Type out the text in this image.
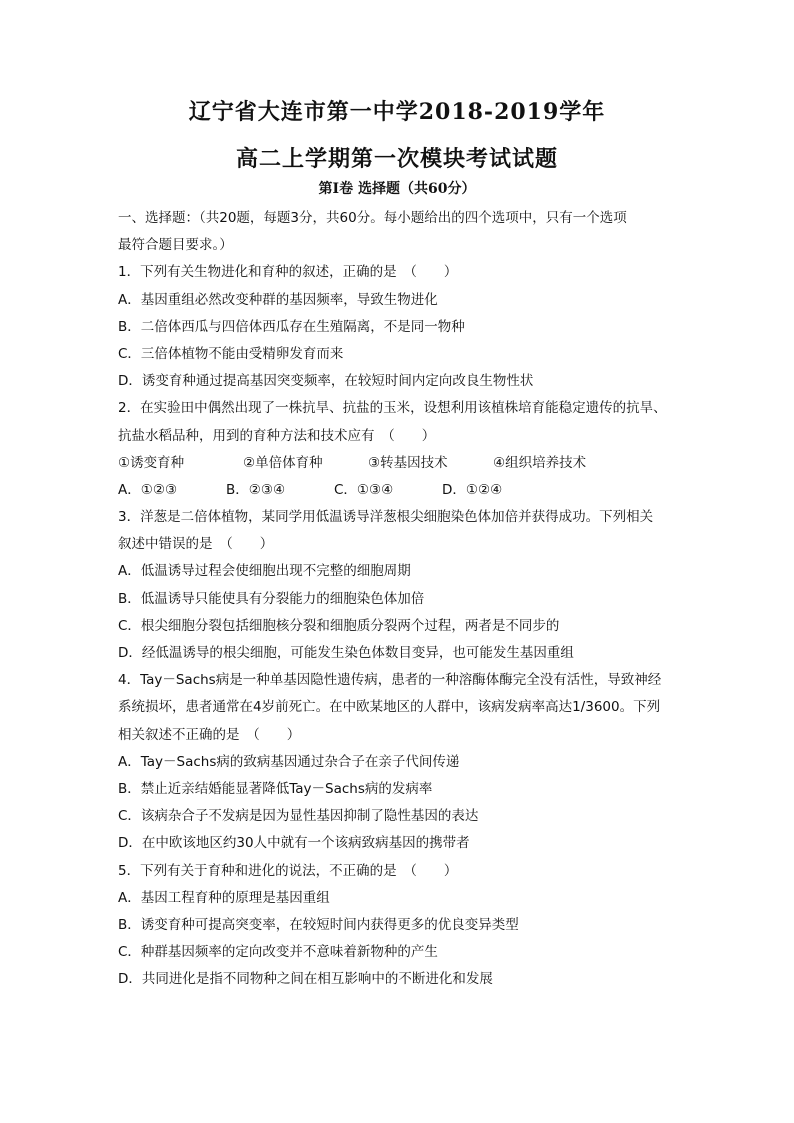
辽宁省大连市第一中学2018-2019学年
高二上学期第一次模块考试试题
第Ⅰ卷 选择题（共60分）
一、选择题：（共20题，每题3分，共60分。每小题给出的四个选项中，只有一个选项
最符合题目要求。）
1．下列有关生物进化和育种的叙述，正确的是　（　　）
A．基因重组必然改变种群的基因频率，导致生物进化
B．二倍体西瓜与四倍体西瓜存在生殖隔离，不是同一物种
C．三倍体植物不能由受精卵发育而来
D．诱变育种通过提高基因突变频率，在较短时间内定向改良生物性状
2．在实验田中偶然出现了一株抗旱、抗盐的玉米，设想利用该植株培育能稳定遗传的抗旱、
抗盐水稻品种，用到的育种方法和技术应有　（　　）
①诱变育种	②单倍体育种	③转基因技术	④组织培养技术
A．①②③	B．②③④	C．①③④	D．①②④
3．洋葱是二倍体植物，某同学用低温诱导洋葱根尖细胞染色体加倍并获得成功。下列相关
叙述中错误的是　（　　）
A．低温诱导过程会使细胞出现不完整的细胞周期
B．低温诱导只能使具有分裂能力的细胞染色体加倍
C．根尖细胞分裂包括细胞核分裂和细胞质分裂两个过程，两者是不同步的
D．经低温诱导的根尖细胞，可能发生染色体数目变异，也可能发生基因重组
4．Tay－Sachs病是一种单基因隐性遗传病，患者的一种溶酶体酶完全没有活性，导致神经
系统损坏，患者通常在4岁前死亡。在中欧某地区的人群中，该病发病率高达1/3600。下列
相关叙述不正确的是　（　　）
A．Tay－Sachs病的致病基因通过杂合子在亲子代间传递
B．禁止近亲结婚能显著降低Tay－Sachs病的发病率
C．该病杂合子不发病是因为显性基因抑制了隐性基因的表达
D．在中欧该地区约30人中就有一个该病致病基因的携带者
5．下列有关于育种和进化的说法，不正确的是　（　　）
A．基因工程育种的原理是基因重组
B．诱变育种可提高突变率，在较短时间内获得更多的优良变异类型
C．种群基因频率的定向改变并不意味着新物种的产生
D．共同进化是指不同物种之间在相互影响中的不断进化和发展
